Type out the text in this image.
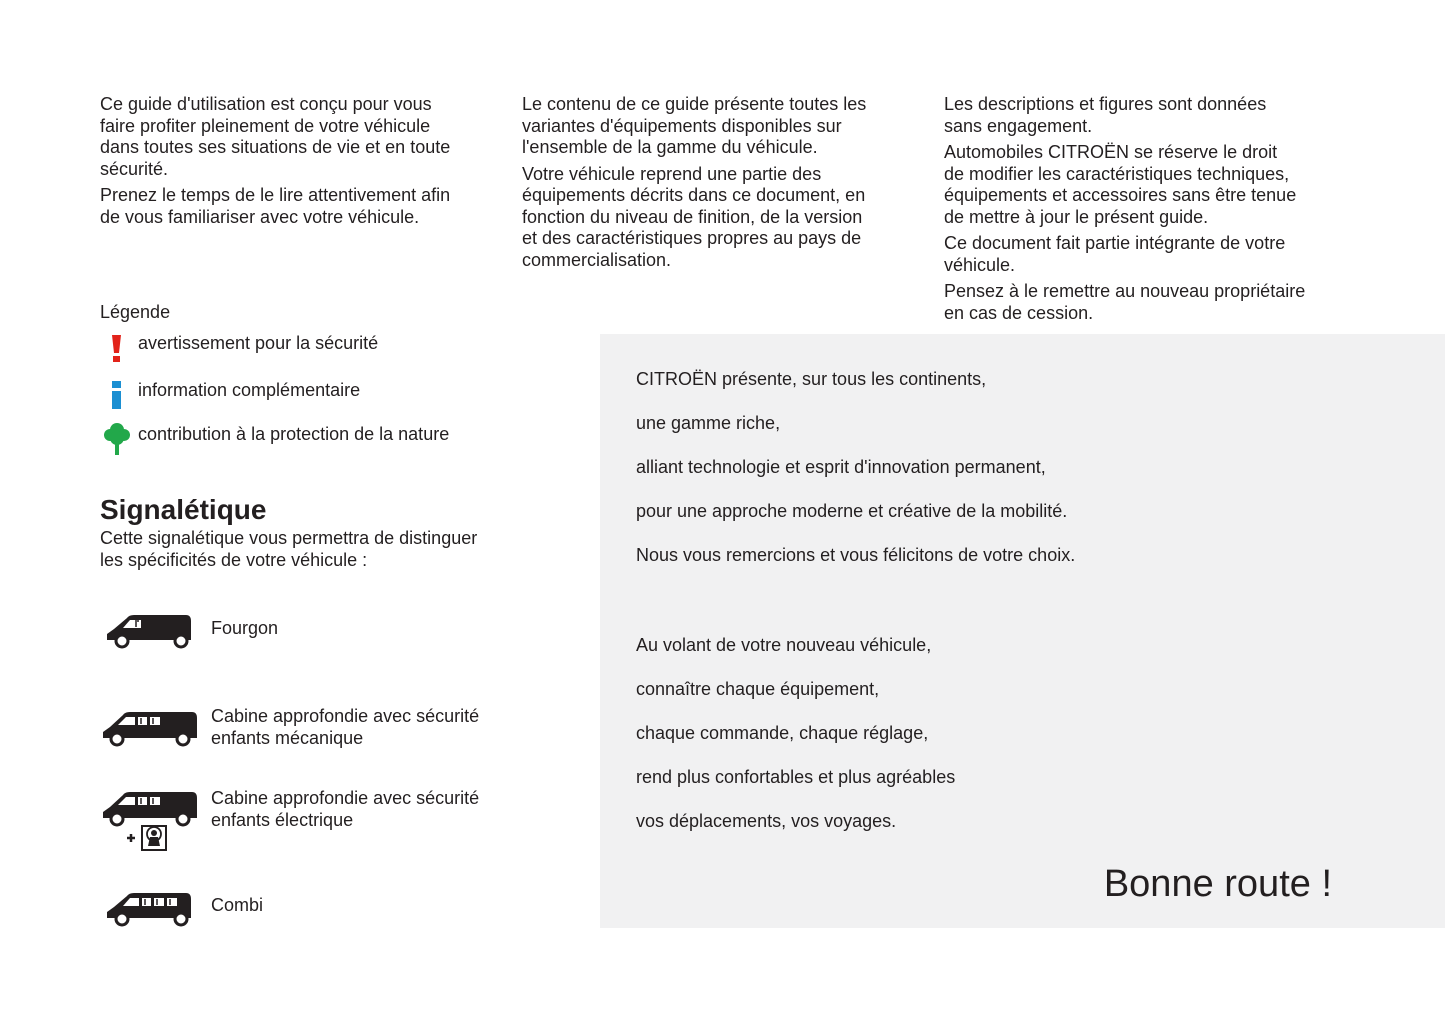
Ce guide d'utilisation est conçu pour vous
faire profiter pleinement de votre véhicule
dans toutes ses situations de vie et en toute
sécurité.

Prenez le temps de le lire attentivement afin
de vous familiariser avec votre véhicule.

Le contenu de ce guide présente toutes les
variantes d'équipements disponibles sur
l'ensemble de la gamme du véhicule.

Votre véhicule reprend une partie des
équipements décrits dans ce document, en
fonction du niveau de finition, de la version
et des caractéristiques propres au pays de
commercialisation.

Les descriptions et figures sont données
sans engagement.

Automobiles CITROËN se réserve le droit
de modifier les caractéristiques techniques,
équipements et accessoires sans être tenue
de mettre à jour le présent guide.

Ce document fait partie intégrante de votre
véhicule.

Pensez à le remettre au nouveau propriétaire
en cas de cession.

Légende
avertissement pour la sécurité
information complémentaire
contribution à la protection de la nature
Signalétique
Cette signalétique vous permettra de distinguer
les spécificités de votre véhicule :
Fourgon
Cabine approfondie avec sécurité
enfants mécanique
Cabine approfondie avec sécurité
enfants électrique
Combi
CITROËN présente, sur tous les continents,
une gamme riche,
alliant technologie et esprit d'innovation permanent,
pour une approche moderne et créative de la mobilité.
Nous vous remercions et vous félicitons de votre choix.
Au volant de votre nouveau véhicule,
connaître chaque équipement,
chaque commande, chaque réglage,
rend plus confortables et plus agréables
vos déplacements, vos voyages.
Bonne route !
